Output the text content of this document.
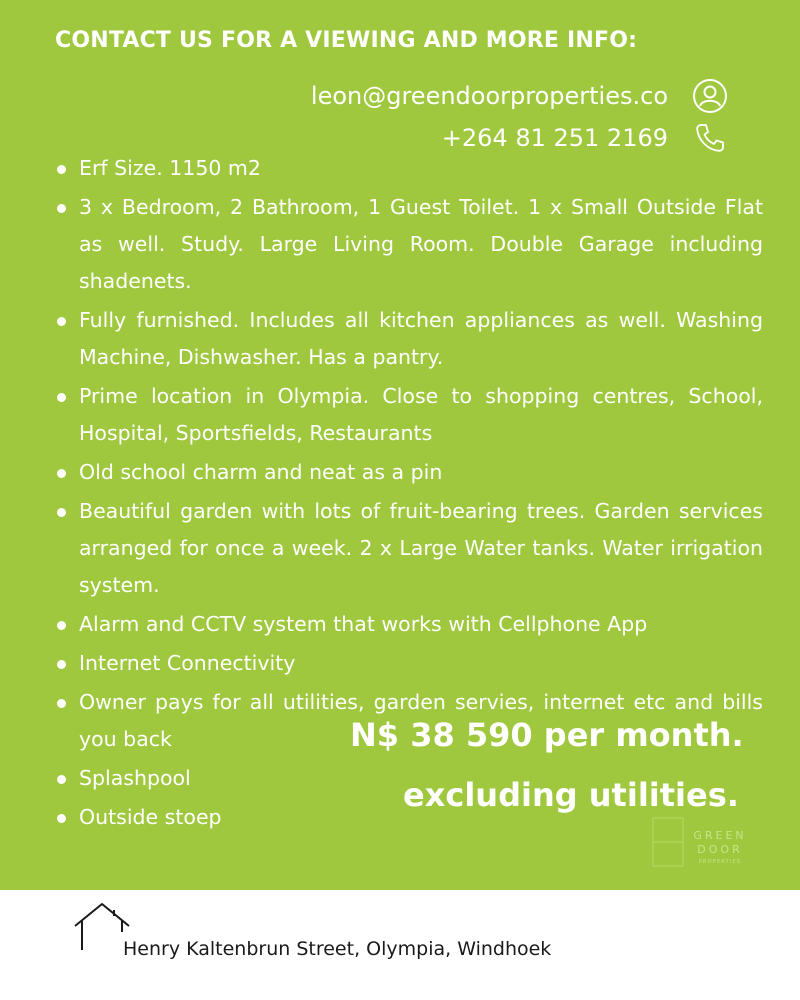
CONTACT US FOR A VIEWING AND MORE INFO:
leon@greendoorproperties.co
+264 81 251 2169
Erf Size. 1150 m2
3 x Bedroom, 2 Bathroom, 1 Guest Toilet. 1 x Small Outside Flat as well. Study. Large Living Room. Double Garage including shadenets.
Fully furnished. Includes all kitchen appliances as well. Washing Machine, Dishwasher. Has a pantry.
Prime location in Olympia. Close to shopping centres, School, Hospital, Sportsfields, Restaurants
Old school charm and neat as a pin
Beautiful garden with lots of fruit-bearing trees. Garden services arranged for once a week. 2 x Large Water tanks. Water irrigation system.
Alarm and CCTV system that works with Cellphone App
Internet Connectivity
Owner pays for all utilities, garden servies, internet etc and bills you back
Splashpool
Outside stoep
N$ 38 590 per month.
excluding utilities.
GREEN
DOOR
PROPERTIES
Henry Kaltenbrun Street, Olympia, Windhoek
